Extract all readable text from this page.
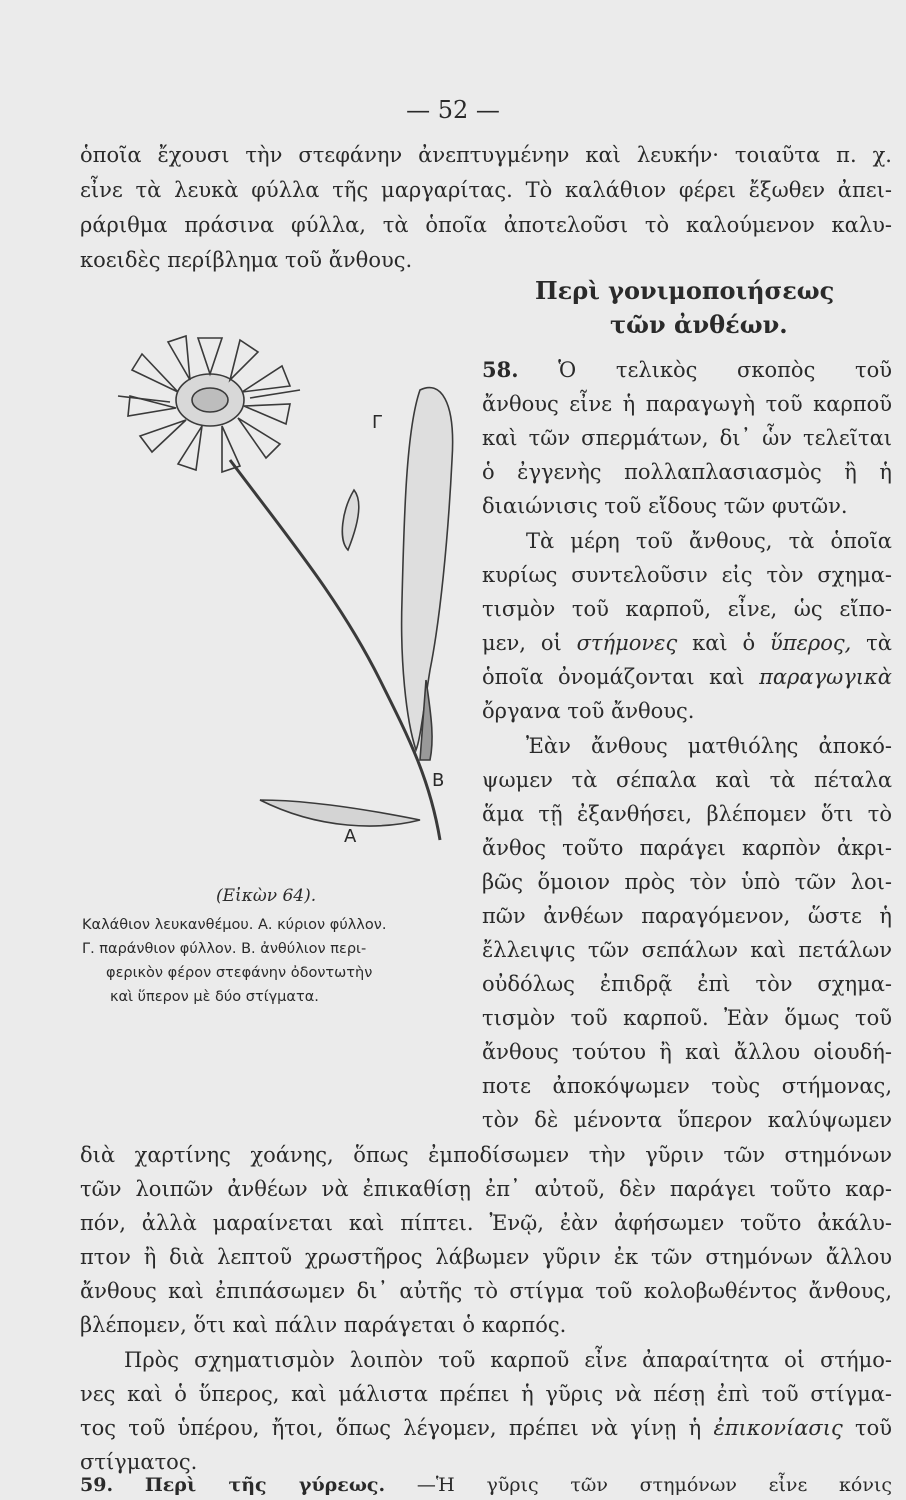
— 52 —
ὁποῖα ἔχουσι τὴν στεφάνην ἀνεπτυγμένην καὶ λευκήν· τοιαῦτα π. χ.
εἶνε τὰ λευκὰ φύλλα τῆς μαργαρίτας. Τὸ καλάθιον φέρει ἔξωθεν ἀπει-
ράριθμα πράσινα φύλλα, τὰ ὁποῖα ἀποτελοῦσι τὸ καλούμενον καλυ-
κοειδὲς περίβλημα τοῦ ἄνθους.
Περὶ γονιμοποιήσεως
τῶν ἀνθέων.
58. Ὁ τελικὸς σκοπὸς τοῦ
ἄνθους εἶνε ἡ παραγωγὴ τοῦ καρποῦ
καὶ τῶν σπερμάτων, δι᾿ ὧν τελεῖται
ὁ ἐγγενὴς πολλαπλασιασμὸς ἢ ἡ
διαιώνισις τοῦ εἴδους τῶν φυτῶν.
Τὰ μέρη τοῦ ἄνθους, τὰ ὁποῖα
κυρίως συντελοῦσιν εἰς τὸν σχημα-
τισμὸν τοῦ καρποῦ, εἶνε, ὡς εἴπο-
μεν, οἱ στήμονες καὶ ὁ ὕπερος, τὰ
ὁποῖα ὀνομάζονται καὶ παραγωγικὰ
ὄργανα τοῦ ἄνθους.
Ἐὰν ἄνθους ματθιόλης ἀποκό-
ψωμεν τὰ σέπαλα καὶ τὰ πέταλα
ἅμα τῇ ἐξανθήσει, βλέπομεν ὅτι τὸ
ἄνθος τοῦτο παράγει καρπὸν ἀκρι-
βῶς ὅμοιον πρὸς τὸν ὑπὸ τῶν λοι-
πῶν ἀνθέων παραγόμενον, ὥστε ἡ
ἔλλειψις τῶν σεπάλων καὶ πετάλων
οὐδόλως ἐπιδρᾷ ἐπὶ τὸν σχημα-
τισμὸν τοῦ καρποῦ. Ἐὰν ὅμως τοῦ
ἄνθους τούτου ἢ καὶ ἄλλου οἱουδή-
ποτε ἀποκόψωμεν τοὺς στήμονας,
τὸν δὲ μένοντα ὕπερον καλύψωμεν
Γ
Β
Α
(Εἰκὼν 64).
Καλάθιον λευκανθέμου. Α. κύριον φύλλον.
Γ. παράνθιον φύλλον. Β. ἀνθύλιον περι-
φερικὸν φέρον στεφάνην ὀδοντωτὴν
καὶ ὕπερον μὲ δύο στίγματα.
διὰ χαρτίνης χοάνης, ὅπως ἐμποδίσωμεν τὴν γῦριν τῶν στημόνων
τῶν λοιπῶν ἀνθέων νὰ ἐπικαθίσῃ ἐπ᾿ αὐτοῦ, δὲν παράγει τοῦτο καρ-
πόν, ἀλλὰ μαραίνεται καὶ πίπτει. Ἐνῷ, ἐὰν ἀφήσωμεν τοῦτο ἀκάλυ-
πτον ἢ διὰ λεπτοῦ χρωστῆρος λάβωμεν γῦριν ἐκ τῶν στημόνων ἄλλου
ἄνθους καὶ ἐπιπάσωμεν δι᾿ αὐτῆς τὸ στίγμα τοῦ κολοβωθέντος ἄνθους,
βλέπομεν, ὅτι καὶ πάλιν παράγεται ὁ καρπός.
Πρὸς σχηματισμὸν λοιπὸν τοῦ καρποῦ εἶνε ἀπαραίτητα οἱ στήμο-
νες καὶ ὁ ὕπερος, καὶ μάλιστα πρέπει ἡ γῦρις νὰ πέσῃ ἐπὶ τοῦ στίγμα-
τος τοῦ ὑπέρου, ἤτοι, ὅπως λέγομεν, πρέπει νὰ γίνῃ ἡ ἐπικονίασις τοῦ
στίγματος.
59. Περὶ τῆς γύρεως. —Ἡ γῦρις τῶν στημόνων εἶνε κόνις
